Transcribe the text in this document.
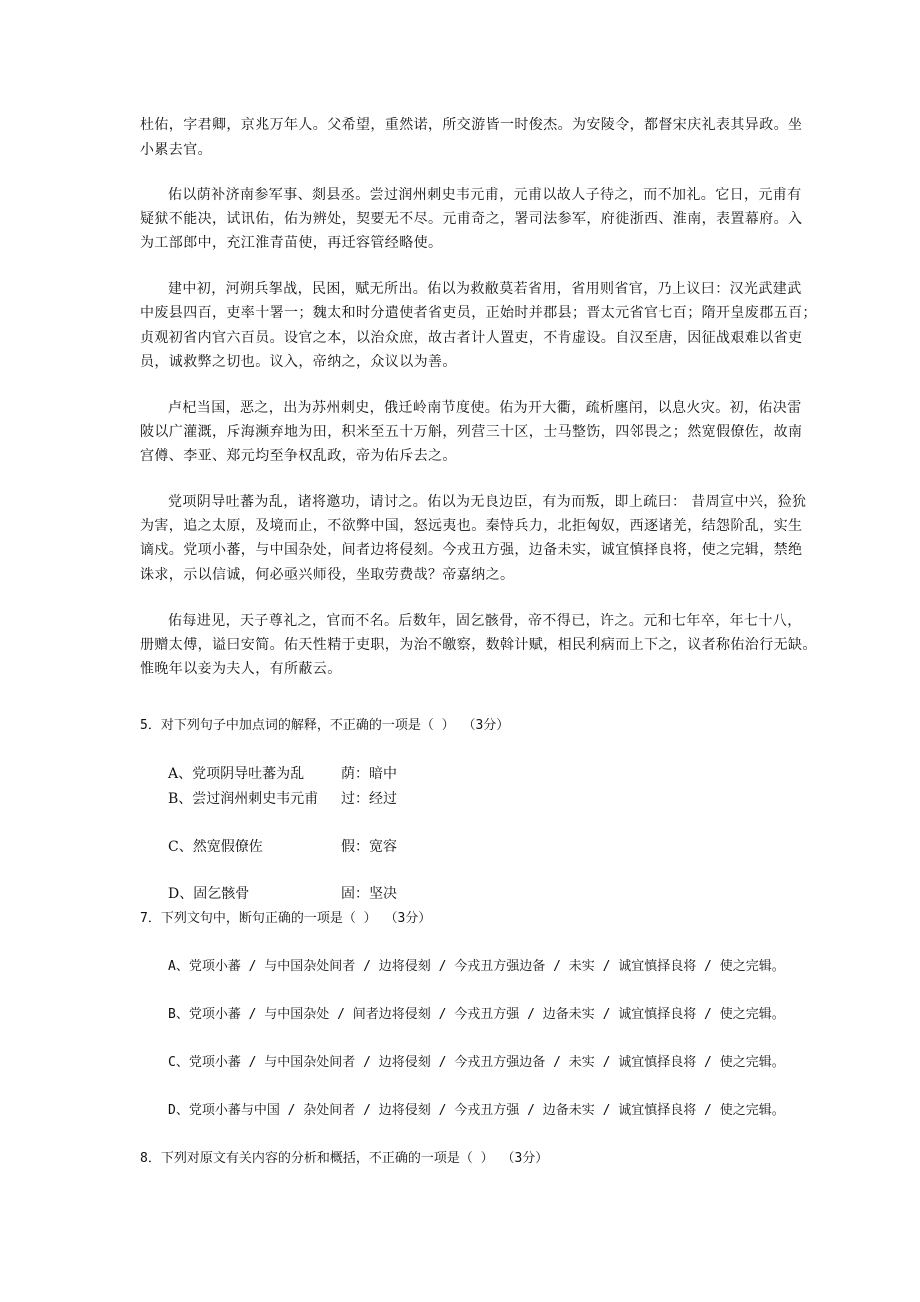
杜佑，字君卿，京兆万年人。父希望，重然诺，所交游皆一时俊杰。为安陵令，都督宋庆礼表其异政。坐

小累去官。

佑以荫补济南参军事、剡县丞。尝过润州刺史韦元甫，元甫以故人子待之，而不加礼。它日，元甫有

疑狱不能决，试讯佑，佑为辨处，契要无不尽。元甫奇之，署司法参军，府徙浙西、淮南，表置幕府。入

为工部郎中，充江淮青苗使，再迁容管经略使。

建中初，河朔兵挐战，民困，赋无所出。佑以为救敝莫若省用，省用则省官，乃上议曰：汉光武建武

中废县四百，吏率十署一；魏太和时分遣使者省吏员，正始时并郡县；晋太元省官七百；隋开皇废郡五百；

贞观初省内官六百员。设官之本，以治众庶，故古者计人置吏，不肯虚设。自汉至唐，因征战艰难以省吏

员，诚救弊之切也。议入，帝纳之，众议以为善。

卢杞当国，恶之，出为苏州刺史，俄迁岭南节度使。佑为开大衢，疏析廛闬，以息火灾。初，佑决雷

陂以广灌溉，斥海濒弃地为田，积米至五十万斛，列营三十区，士马整饬，四邻畏之；然宽假僚佐，故南

宫僔、李亚、郑元均至争权乱政，帝为佑斥去之。

党项阴导吐蕃为乱，诸将邀功，请讨之。佑以为无良边臣，有为而叛，即上疏曰： 昔周宣中兴，猃狁

为害，追之太原，及境而止，不欲弊中国，怒远夷也。秦恃兵力，北拒匈奴，西逐诸羌，结怨阶乱，实生

谪戍。党项小蕃，与中国杂处，间者边将侵刻。今戎丑方强，边备未实，诚宜慎择良将，使之完辑，禁绝

诛求，示以信诚，何必亟兴师役，坐取劳费哉？帝嘉纳之。

佑每进见，天子尊礼之，官而不名。后数年，固乞骸骨，帝不得已，许之。元和七年卒，年七十八，

册赠太傅，谥曰安简。佑天性精于吏职，为治不皦察，数斡计赋，相民利病而上下之，议者称佑治行无缺。

惟晚年以妾为夫人，有所蔽云。

5．对下列句子中加点词的解释，不正确的一项是（ ） （3分）

A、党项阴导吐蕃为乱	荫：暗中
B、尝过润州刺史韦元甫 过：经过
C、然宽假僚佐	假：宽容
D、固乞骸骨	固：坚决

7．下列文句中，断句正确的一项是（ ） （3分）

A、党项小蕃 / 与中国杂处间者 / 边将侵刻 / 今戎丑方强边备 / 未实 / 诚宜慎择良将 / 使之完辑。

B、党项小蕃 / 与中国杂处 / 间者边将侵刻 / 今戎丑方强 / 边备未实 / 诚宜慎择良将 / 使之完辑。

C、党项小蕃 / 与中国杂处间者 / 边将侵刻 / 今戎丑方强边备 / 未实 / 诚宜慎择良将 / 使之完辑。

D、党项小蕃与中国 / 杂处间者 / 边将侵刻 / 今戎丑方强 / 边备未实 / 诚宜慎择良将 / 使之完辑。

8．下列对原文有关内容的分析和概括，不正确的一项是（ ） （3分）
